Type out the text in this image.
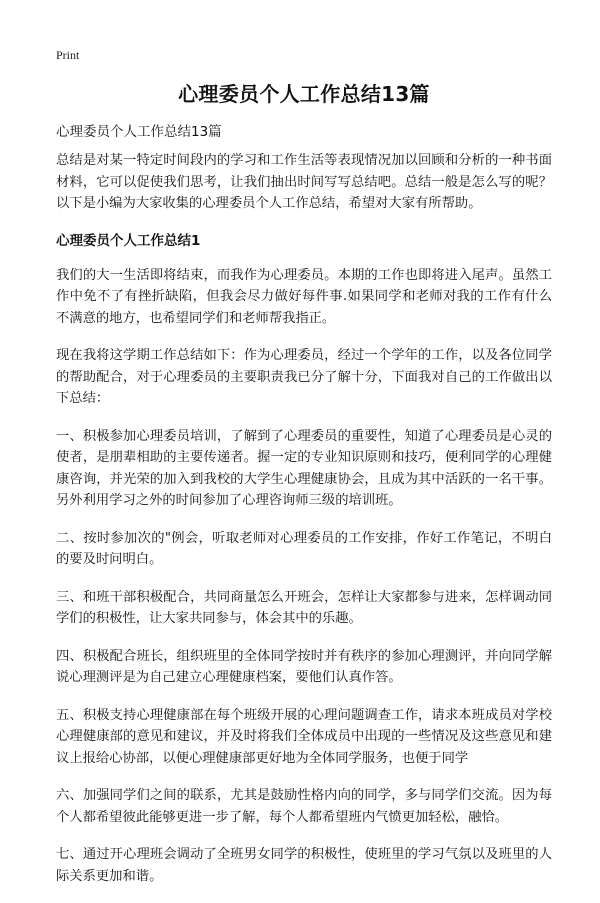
Print
心理委员个人工作总结13篇
心理委员个人工作总结13篇

总结是对某一特定时间段内的学习和工作生活等表现情况加以回顾和分析的一种书面材料，它可以促使我们思考，让我们抽出时间写写总结吧。总结一般是怎么写的呢？以下是小编为大家收集的心理委员个人工作总结，希望对大家有所帮助。

心理委员个人工作总结1

我们的大一生活即将结束，而我作为心理委员。本期的工作也即将进入尾声。虽然工作中免不了有挫折缺陷，但我会尽力做好每件事.如果同学和老师对我的工作有什么不满意的地方，也希望同学们和老师帮我指正。

现在我将这学期工作总结如下：作为心理委员，经过一个学年的工作，以及各位同学的帮助配合，对于心理委员的主要职责我已分了解十分，下面我对自己的工作做出以下总结：

一、积极参加心理委员培训，了解到了心理委员的重要性，知道了心理委员是心灵的使者，是朋辈相助的主要传递者。握一定的专业知识原则和技巧，便利同学的心理健康咨询，并光荣的加入到我校的大学生心理健康协会，且成为其中活跃的一名干事。另外利用学习之外的时间参加了心理咨询师三级的培训班。

二、按时参加次的"例会，听取老师对心理委员的工作安排，作好工作笔记，不明白的要及时问明白。

三、和班干部积极配合，共同商量怎么开班会，怎样让大家都参与进来，怎样调动同学们的积极性，让大家共同参与，体会其中的乐趣。

四、积极配合班长，组织班里的全体同学按时并有秩序的参加心理测评，并向同学解说心理测评是为自己建立心理健康档案，要他们认真作答。

五、积极支持心理健康部在每个班级开展的心理问题调查工作，请求本班成员对学校心理健康部的意见和建议，并及时将我们全体成员中出现的一些情况及这些意见和建议上报给心协部，以便心理健康部更好地为全体同学服务，也便于同学

六、加强同学们之间的联系，尤其是鼓励性格内向的同学，多与同学们交流。因为每个人都希望彼此能够更进一步了解，每个人都希望班内气愤更加轻松，融恰。

七、通过开心理班会调动了全班男女同学的积极性，使班里的学习气氛以及班里的人际关系更加和谐。
